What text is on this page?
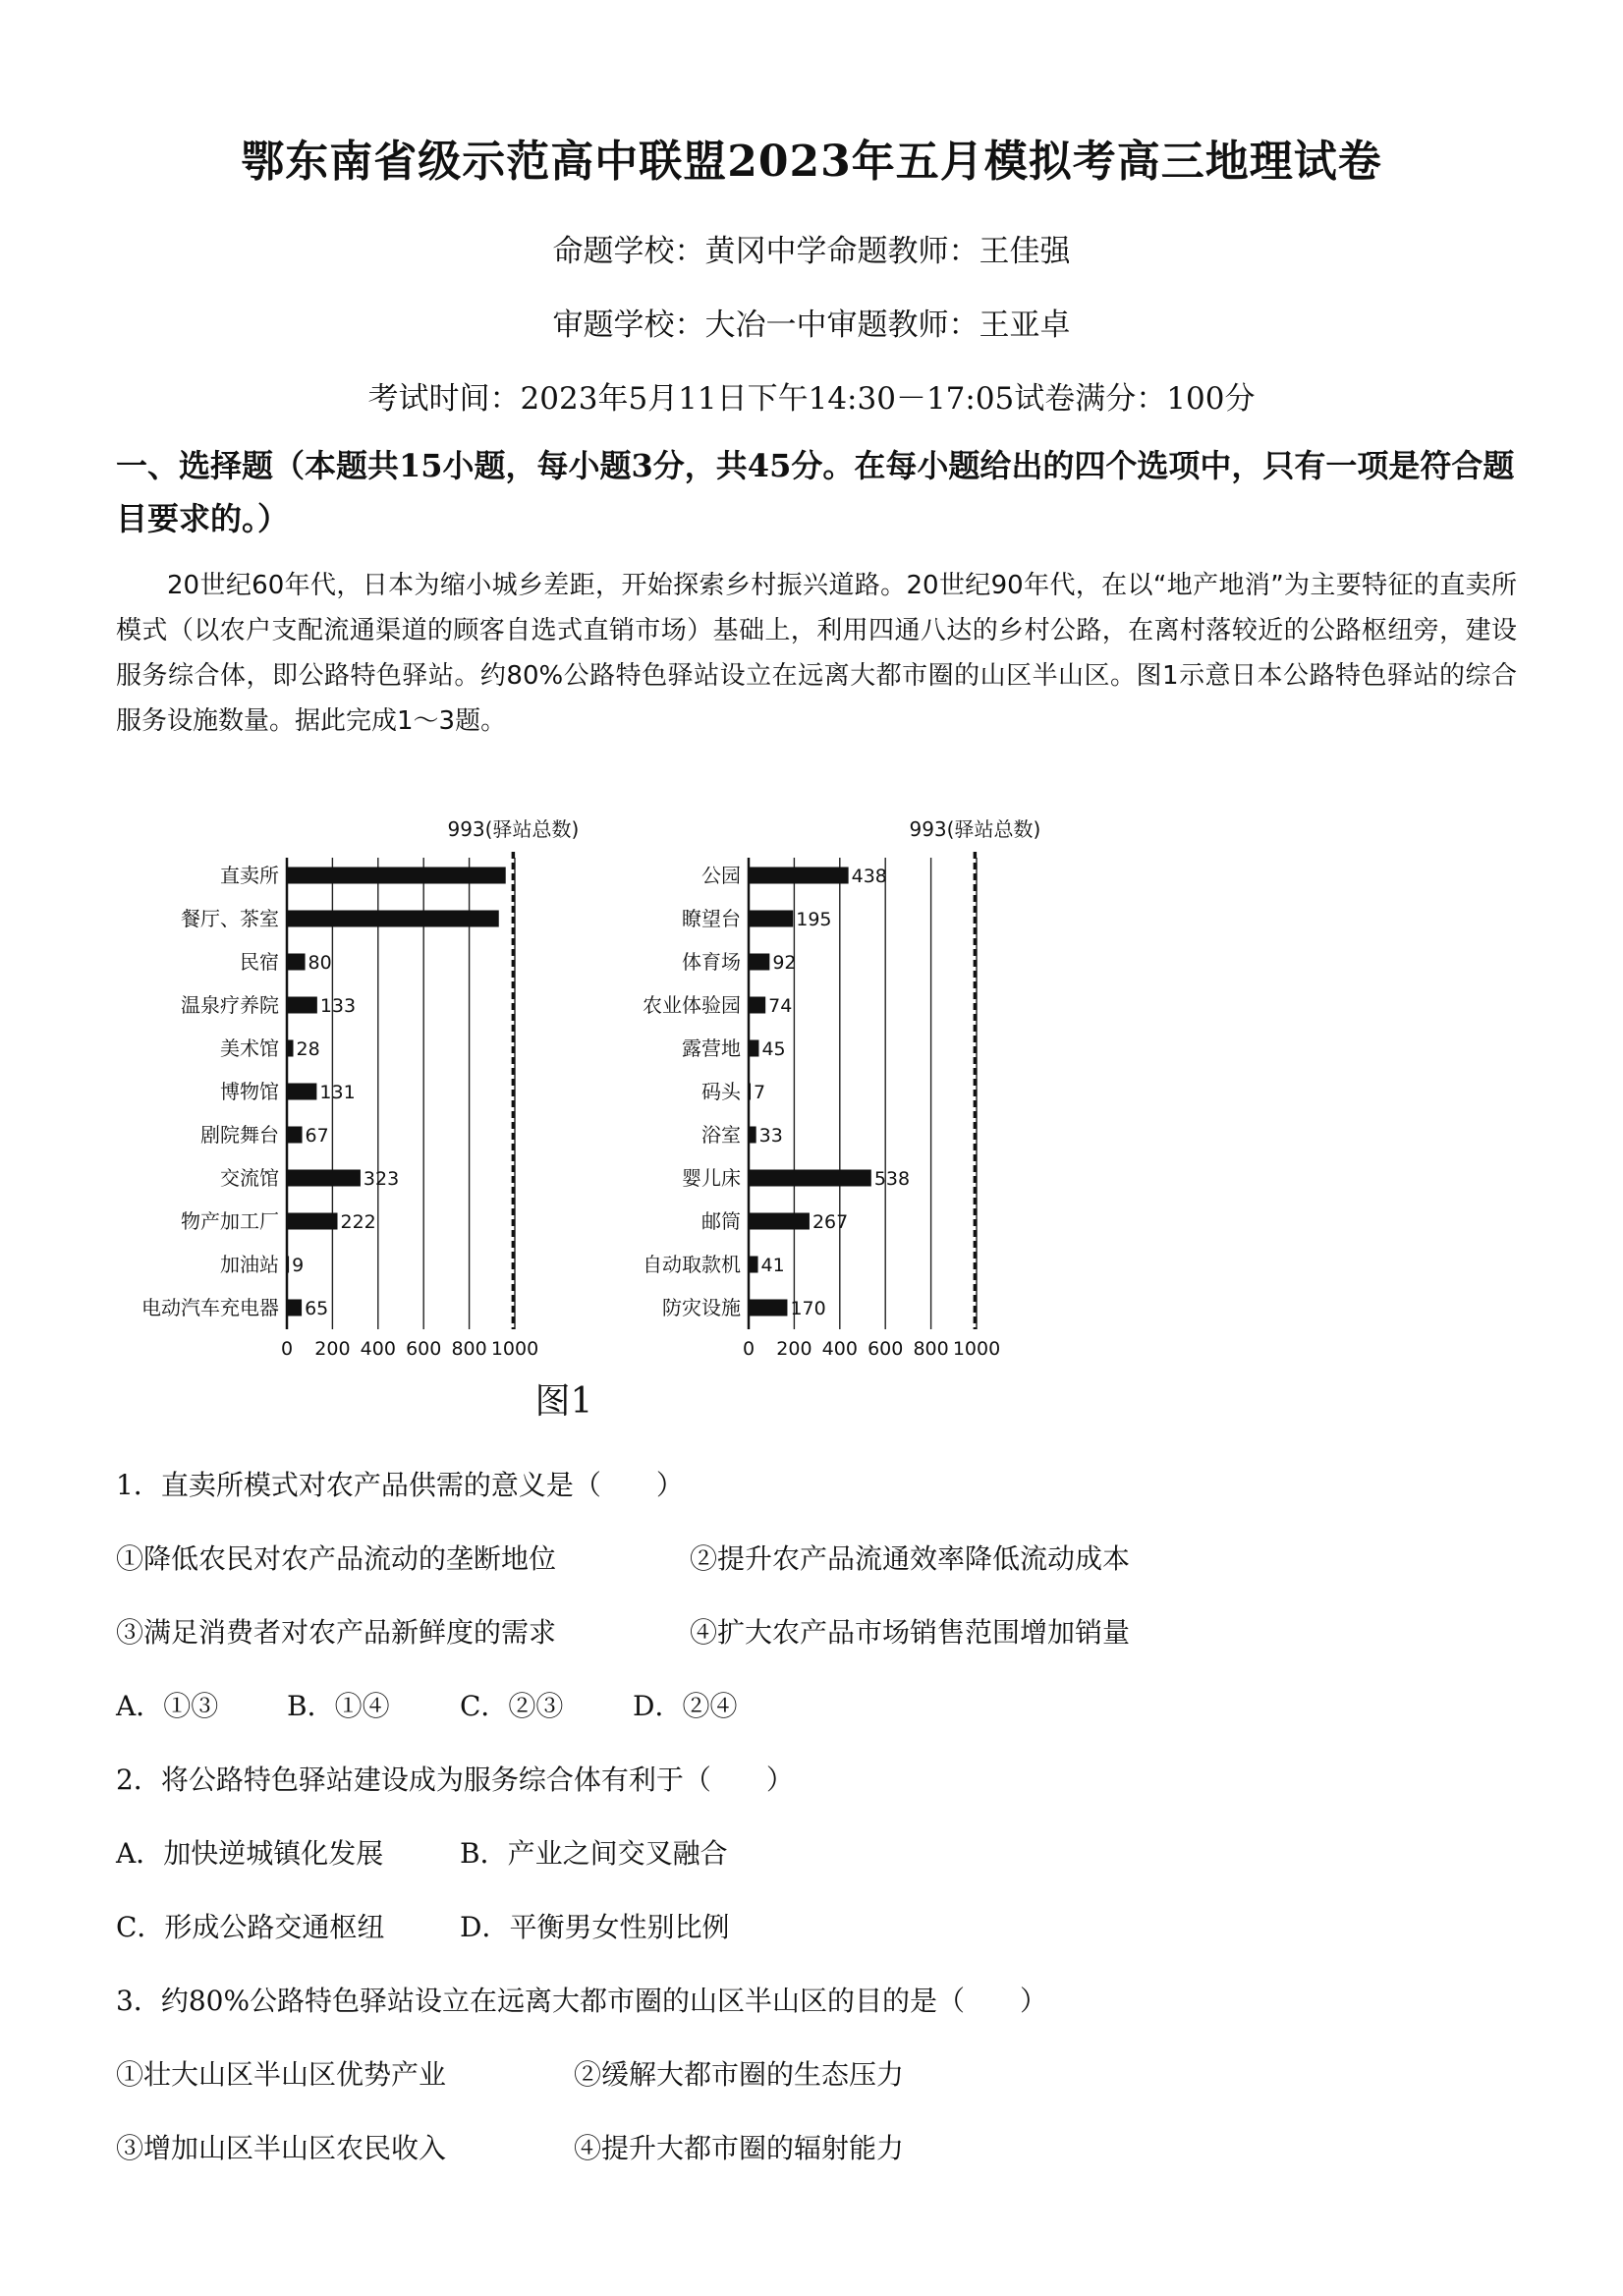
鄂东南省级示范高中联盟2023年五月模拟考高三地理试卷
命题学校：黄冈中学命题教师：王佳强
审题学校：大冶一中审题教师：王亚卓
考试时间：2023年5月11日下午14:30－17:05试卷满分：100分
一、选择题（本题共15小题，每小题3分，共45分。在每小题给出的四个选项中，只有一项是符合题目要求的。）
20世纪60年代，日本为缩小城乡差距，开始探索乡村振兴道路。20世纪90年代，在以“地产地消”为主要特征的直卖所模式（以农户支配流通渠道的顾客自选式直销市场）基础上，利用四通八达的乡村公路，在离村落较近的公路枢纽旁，建设服务综合体，即公路特色驿站。约80%公路特色驿站设立在远离大都市圈的山区半山区。图1示意日本公路特色驿站的综合服务设施数量。据此完成1～3题。
0 200 400 600 800 1000
993(驿站总数)
直卖所
餐厅、茶室
民宿 80
温泉疗养院 133
美术馆 28
博物馆 131
剧院舞台 67
交流馆	323
物产加工厂	222
加油站 9
电动汽车充电器 65
0 200 400 600 800 1000
993(驿站总数)
公园	438
瞭望台	195
体育场 92
农业体验园 74
露营地 45
码头 7
浴室 33
婴儿床	538
邮筒	267
自动取款机 41
防灾设施	170
图1
1．直卖所模式对农产品供需的意义是（　　）
①降低农民对农产品流动的垄断地位	②提升农产品流通效率降低流动成本
③满足消费者对农产品新鲜度的需求	④扩大农产品市场销售范围增加销量
A．①③ B．①④	C．②③	D．②④
2．将公路特色驿站建设成为服务综合体有利于（　　）
A．加快逆城镇化发展	B．产业之间交叉融合
C．形成公路交通枢纽	D．平衡男女性别比例
3．约80%公路特色驿站设立在远离大都市圈的山区半山区的目的是（　　）
①壮大山区半山区优势产业	②缓解大都市圈的生态压力
③增加山区半山区农民收入	④提升大都市圈的辐射能力
